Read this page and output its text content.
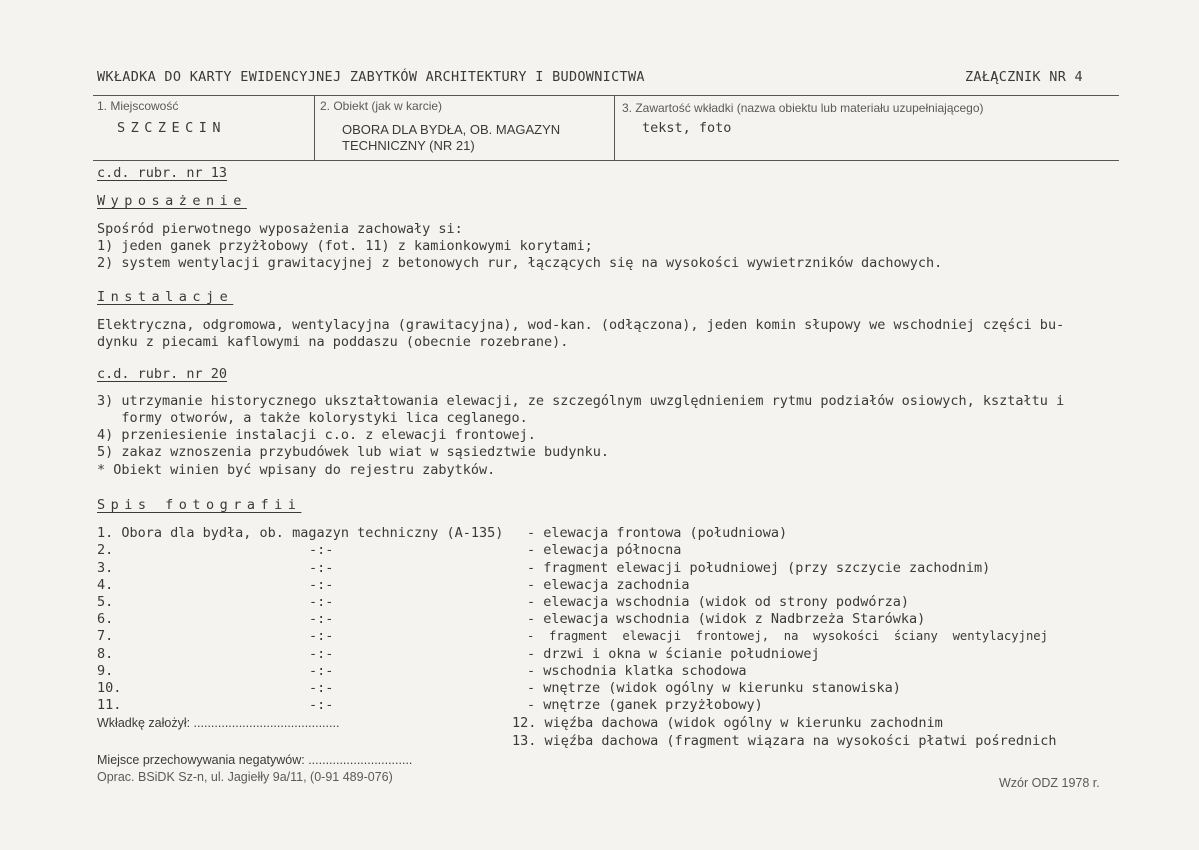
WKŁADKA DO KARTY EWIDENCYJNEJ ZABYTKÓW ARCHITEKTURY I BUDOWNICTWA	ZAŁĄCZNIK NR 4
1. Miejscowość
SZCZECIN
2. Obiekt (jak w karcie)
OBORA DLA BYDŁA, OB. MAGAZYN
TECHNICZNY (NR 21)
3. Zawartość wkładki (nazwa obiektu lub materiału uzupełniającego)
tekst, foto
c.d. rubr. nr 13
Wyposażenie
Spośród pierwotnego wyposażenia zachowały si:
1) jeden ganek przyżłobowy (fot. 11) z kamionkowymi korytami;
2) system wentylacji grawitacyjnej z betonowych rur, łączących się na wysokości wywietrzników dachowych.
Instalacje
Elektryczna, odgromowa, wentylacyjna (grawitacyjna), wod-kan. (odłączona), jeden komin słupowy we wschodniej części bu-
dynku z piecami kaflowymi na poddaszu (obecnie rozebrane).
c.d. rubr. nr 20
3) utrzymanie historycznego ukształtowania elewacji, ze szczególnym uwzględnieniem rytmu podziałów osiowych, kształtu i
formy otworów, a także kolorystyki lica ceglanego.
4) przeniesienie instalacji c.o. z elewacji frontowej.
5) zakaz wznoszenia przybudówek lub wiat w sąsiedztwie budynku.
* Obiekt winien być wpisany do rejestru zabytków.
Spis fotografii
1. Obora dla bydła, ob. magazyn techniczny (A-135) - elewacja frontowa (południowa)
2.	-:-	- elewacja północna
3.	-:-	- fragment elewacji południowej (przy szczycie zachodnim)
4.	-:-	- elewacja zachodnia
5.	-:-	- elewacja wschodnia (widok od strony podwórza)
6.	-:-	- elewacja wschodnia (widok z Nadbrzeża Starówka)
7.	-:-	-  fragment  elewacji  frontowej,  na  wysokości  ściany  wentylacyjnej
8.	-:-	- drzwi i okna w ścianie południowej
9.	-:-	- wschodnia klatka schodowa
10.	-:-	- wnętrze (widok ogólny w kierunku stanowiska)
11.	-:-	- wnętrze (ganek przyżłobowy)
Wkładkę założył: ..........................................	12. więźba dachowa (widok ogólny w kierunku zachodnim
13. więźba dachowa (fragment wiązara na wysokości płatwi pośrednich
Miejsce przechowywania negatywów: ..............................
Oprac. BSiDK Sz-n, ul. Jagiełły 9a/11, (0-91 489-076)	Wzór ODZ 1978 r.
